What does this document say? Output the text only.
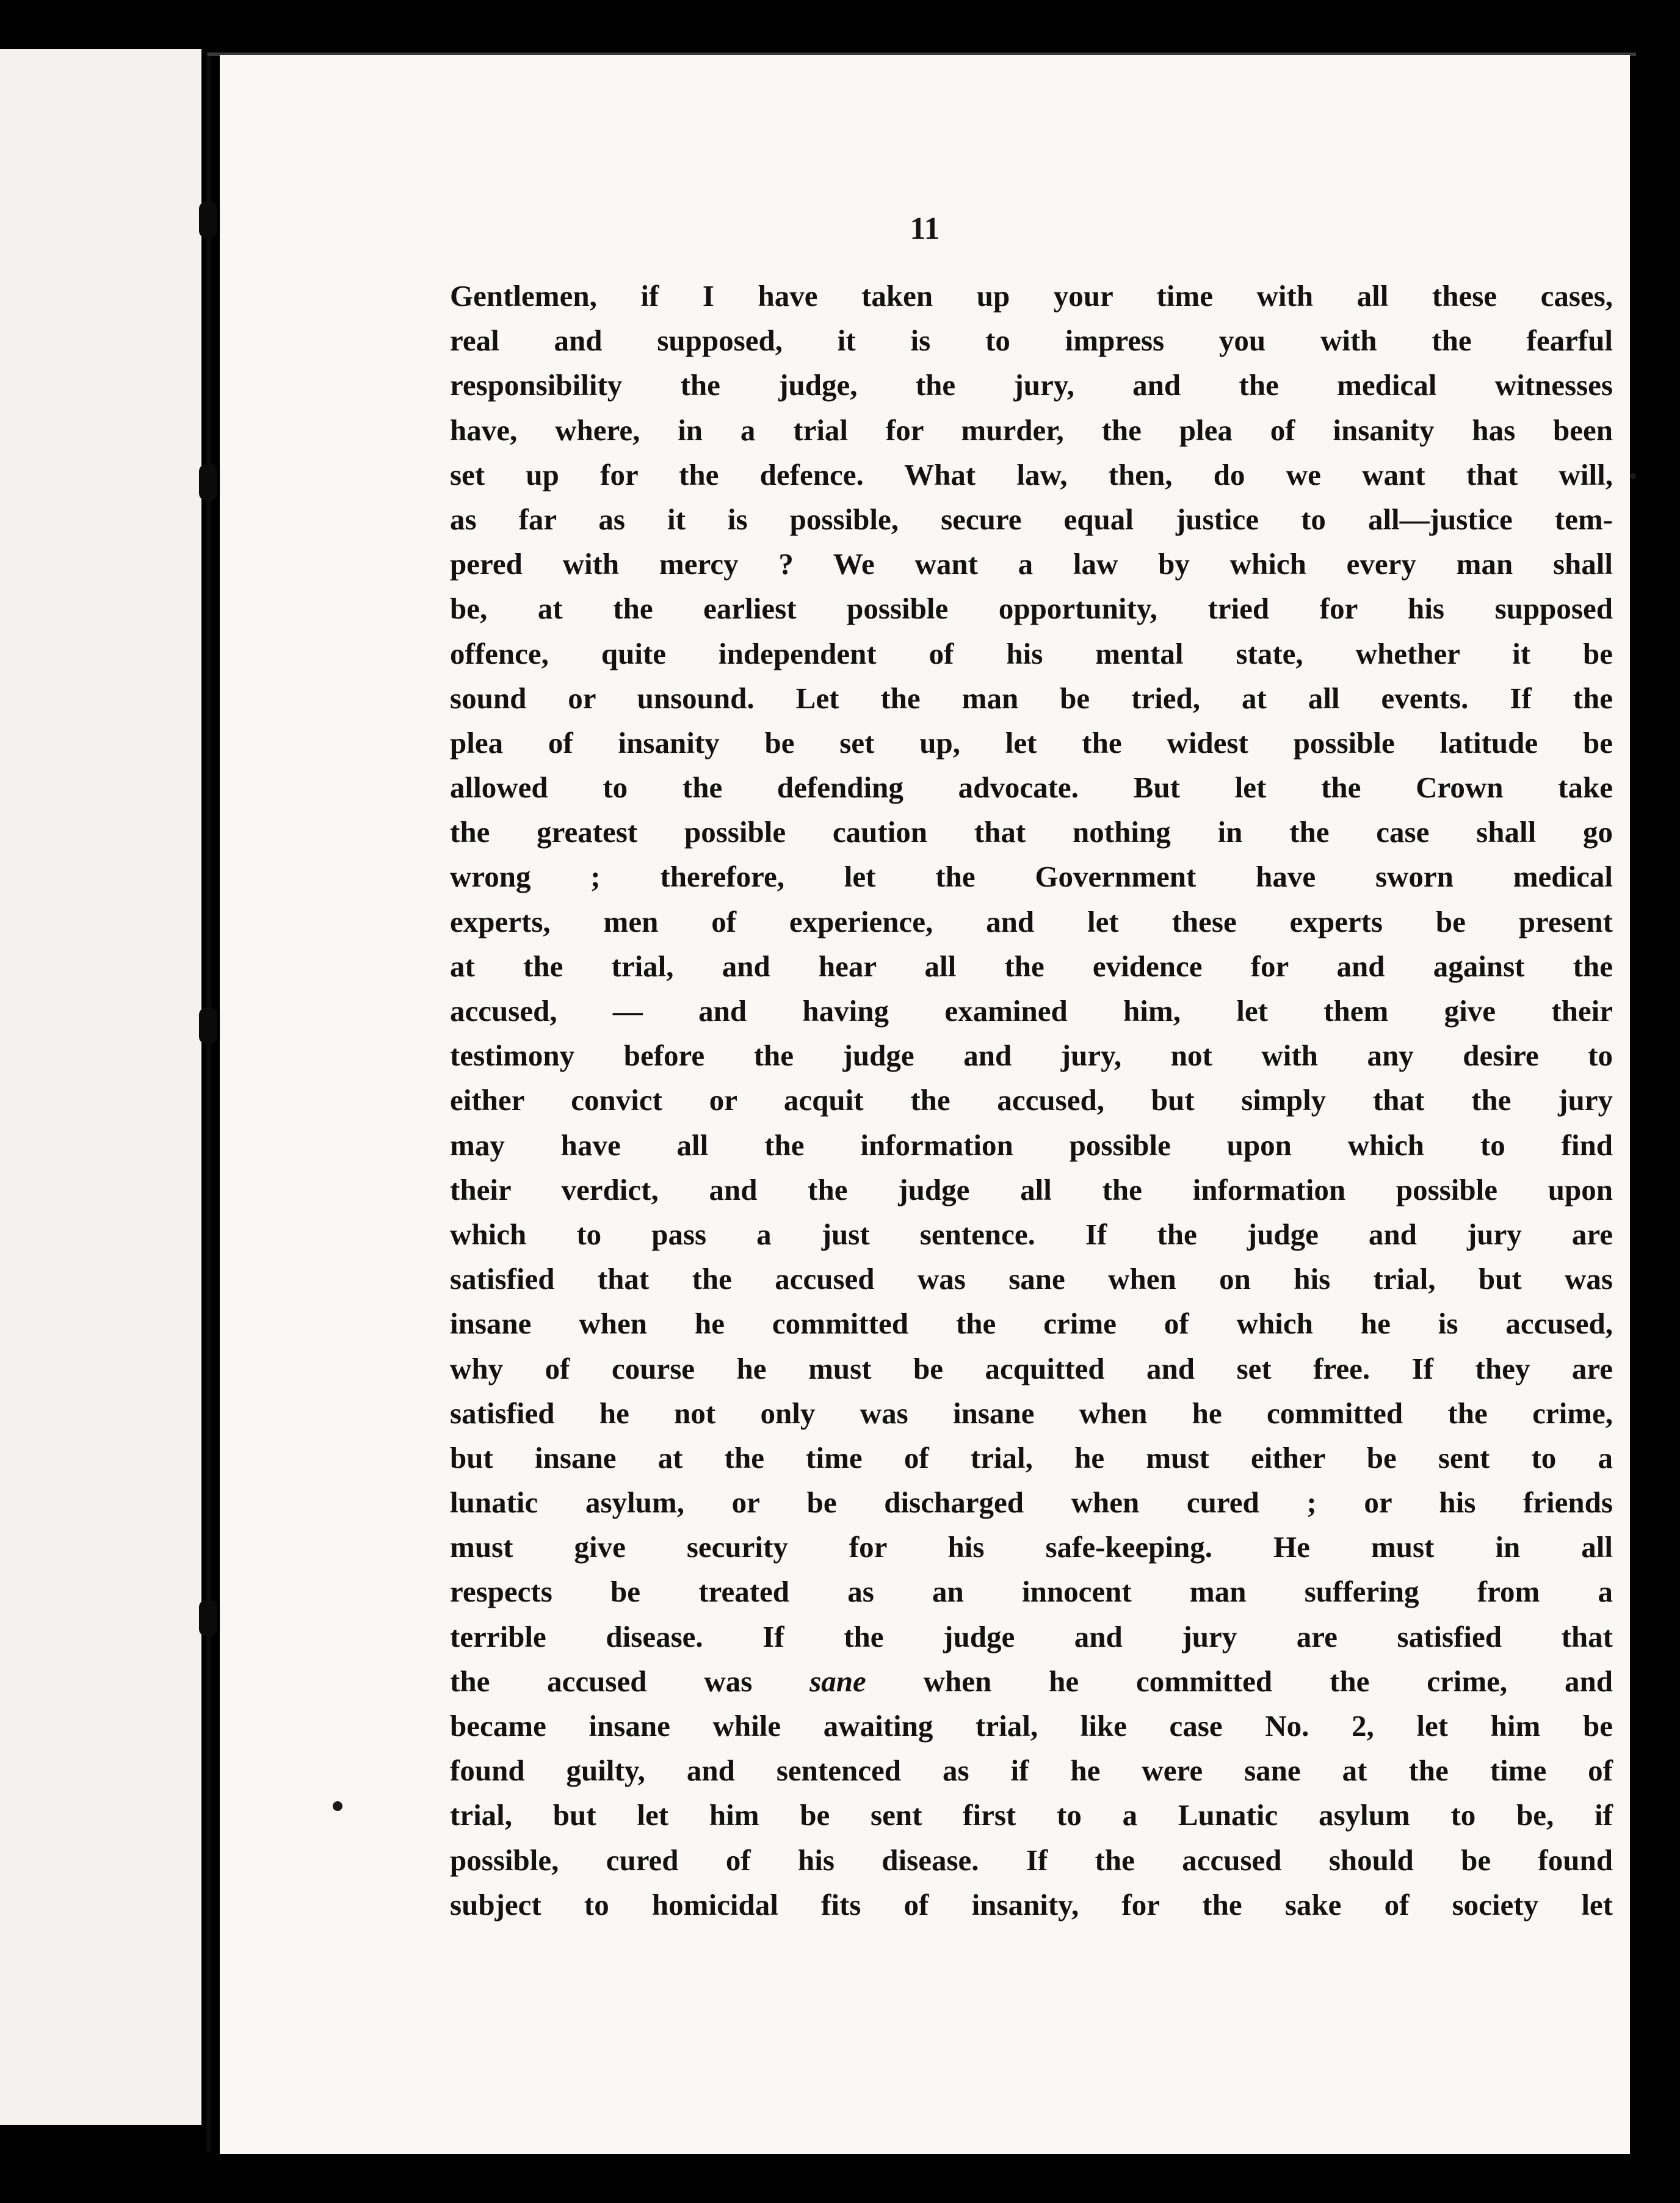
11
Gentlemen, if I have taken up your time with all these cases,
real and supposed, it is to impress you with the fearful
responsibility the judge, the jury, and the medical witnesses
have, where, in a trial for murder, the plea of insanity has been
set up for the defence. What law, then, do we want that will,
as far as it is possible, secure equal justice to all—justice tem-
pered with mercy ? We want a law by which every man shall
be, at the earliest possible opportunity, tried for his supposed
offence, quite independent of his mental state, whether it be
sound or unsound. Let the man be tried, at all events. If the
plea of insanity be set up, let the widest possible latitude be
allowed to the defending advocate. But let the Crown take
the greatest possible caution that nothing in the case shall go
wrong ; therefore, let the Government have sworn medical
experts, men of experience, and let these experts be present
at the trial, and hear all the evidence for and against the
accused, — and having examined him, let them give their
testimony before the judge and jury, not with any desire to
either convict or acquit the accused, but simply that the jury
may have all the information possible upon which to find
their verdict, and the judge all the information possible upon
which to pass a just sentence. If the judge and jury are
satisfied that the accused was sane when on his trial, but was
insane when he committed the crime of which he is accused,
why of course he must be acquitted and set free. If they are
satisfied he not only was insane when he committed the crime,
but insane at the time of trial, he must either be sent to a
lunatic asylum, or be discharged when cured ; or his friends
must give security for his safe-keeping. He must in all
respects be treated as an innocent man suffering from a
terrible disease. If the judge and jury are satisfied that
the accused was sane when he committed the crime, and
became insane while awaiting trial, like case No. 2, let him be
found guilty, and sentenced as if he were sane at the time of
trial, but let him be sent first to a Lunatic asylum to be, if
possible, cured of his disease. If the accused should be found
subject to homicidal fits of insanity, for the sake of society let
